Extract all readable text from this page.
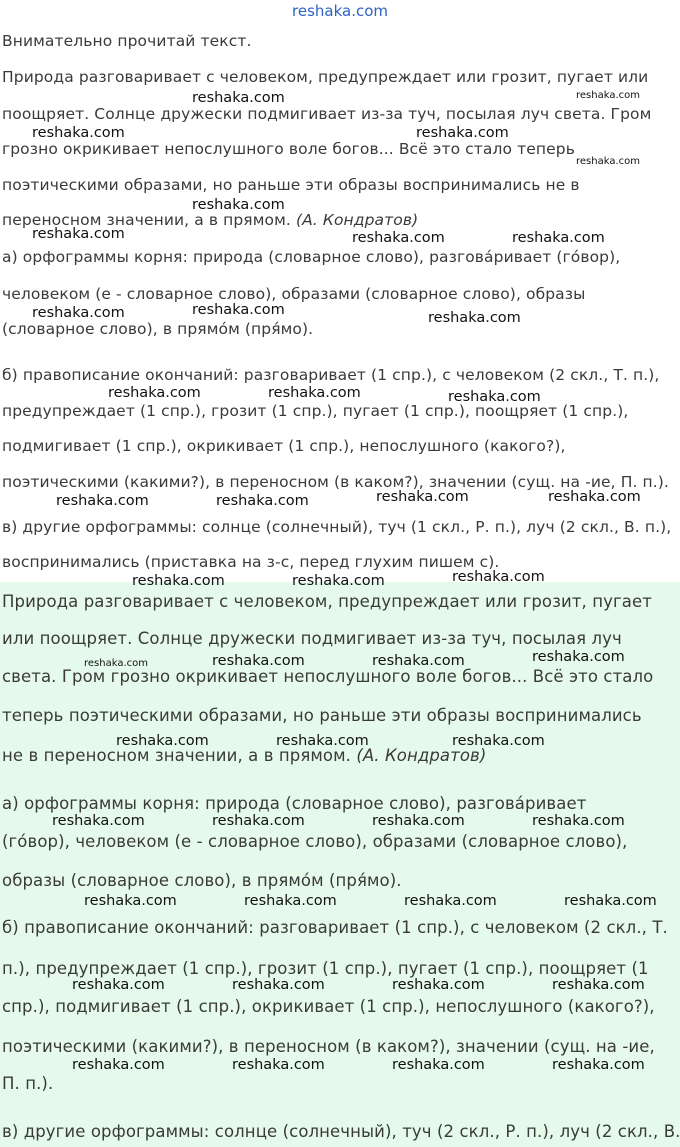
reshaka.com
Внимательно прочитай текст.
Природа разговаривает с человеком, предупреждает или грозит, пугает или
поощряет. Солнце дружески подмигивает из-за туч, посылая луч света. Гром
грозно окрикивает непослушного воле богов... Всё это стало теперь
поэтическими образами, но раньше эти образы воспринимались не в
переносном значении, а в прямом. (А. Кондратов)
а) орфограммы корня: природа (словарное слово), разгова́ривает (го́вор),
человеком (е - словарное слово), образами (словарное слово), образы
(словарное слово), в прямо́м (пря́мо).
б) правописание окончаний: разговаривает (1 спр.), с человеком (2 скл., Т. п.),
предупреждает (1 спр.), грозит (1 спр.), пугает (1 спр.), поощряет (1 спр.),
подмигивает (1 спр.), окрикивает (1 спр.), непослушного (какого?),
поэтическими (какими?), в переносном (в каком?), значении (сущ. на -ие, П. п.).
в) другие орфограммы: солнце (солнечный), туч (1 скл., Р. п.), луч (2 скл., В. п.),
воспринимались (приставка на з-с, перед глухим пишем с).
Природа разговаривает с человеком, предупреждает или грозит, пугает
или поощряет. Солнце дружески подмигивает из-за туч, посылая луч
света. Гром грозно окрикивает непослушного воле богов... Всё это стало
теперь поэтическими образами, но раньше эти образы воспринимались
не в переносном значении, а в прямом. (А. Кондратов)
а) орфограммы корня: природа (словарное слово), разгова́ривает
(го́вор), человеком (е - словарное слово), образами (словарное слово),
образы (словарное слово), в прямо́м (пря́мо).
б) правописание окончаний: разговаривает (1 спр.), с человеком (2 скл., Т.
п.), предупреждает (1 спр.), грозит (1 спр.), пугает (1 спр.), поощряет (1
спр.), подмигивает (1 спр.), окрикивает (1 спр.), непослушного (какого?),
поэтическими (какими?), в переносном (в каком?), значении (сущ. на -ие,
П. п.).
в) другие орфограммы: солнце (солнечный), туч (2 скл., Р. п.), луч (2 скл., В.
reshaka.com	reshaka.com
reshaka.com	reshaka.com
reshaka.com
reshaka.com
reshaka.com	reshaka.com	reshaka.com
reshaka.com
reshaka.com	reshaka.com
reshaka.com	reshaka.com	reshaka.com
reshaka.com	reshaka.com	reshaka.com	reshaka.com
reshaka.com	reshaka.com	reshaka.com
reshaka.com	reshaka.com	reshaka.com	reshaka.com
reshaka.com	reshaka.com	reshaka.com
reshaka.com	reshaka.com	reshaka.com	reshaka.com
reshaka.com	reshaka.com	reshaka.com	reshaka.com
reshaka.com	reshaka.com	reshaka.com	reshaka.com
reshaka.com	reshaka.com	reshaka.com	reshaka.com
